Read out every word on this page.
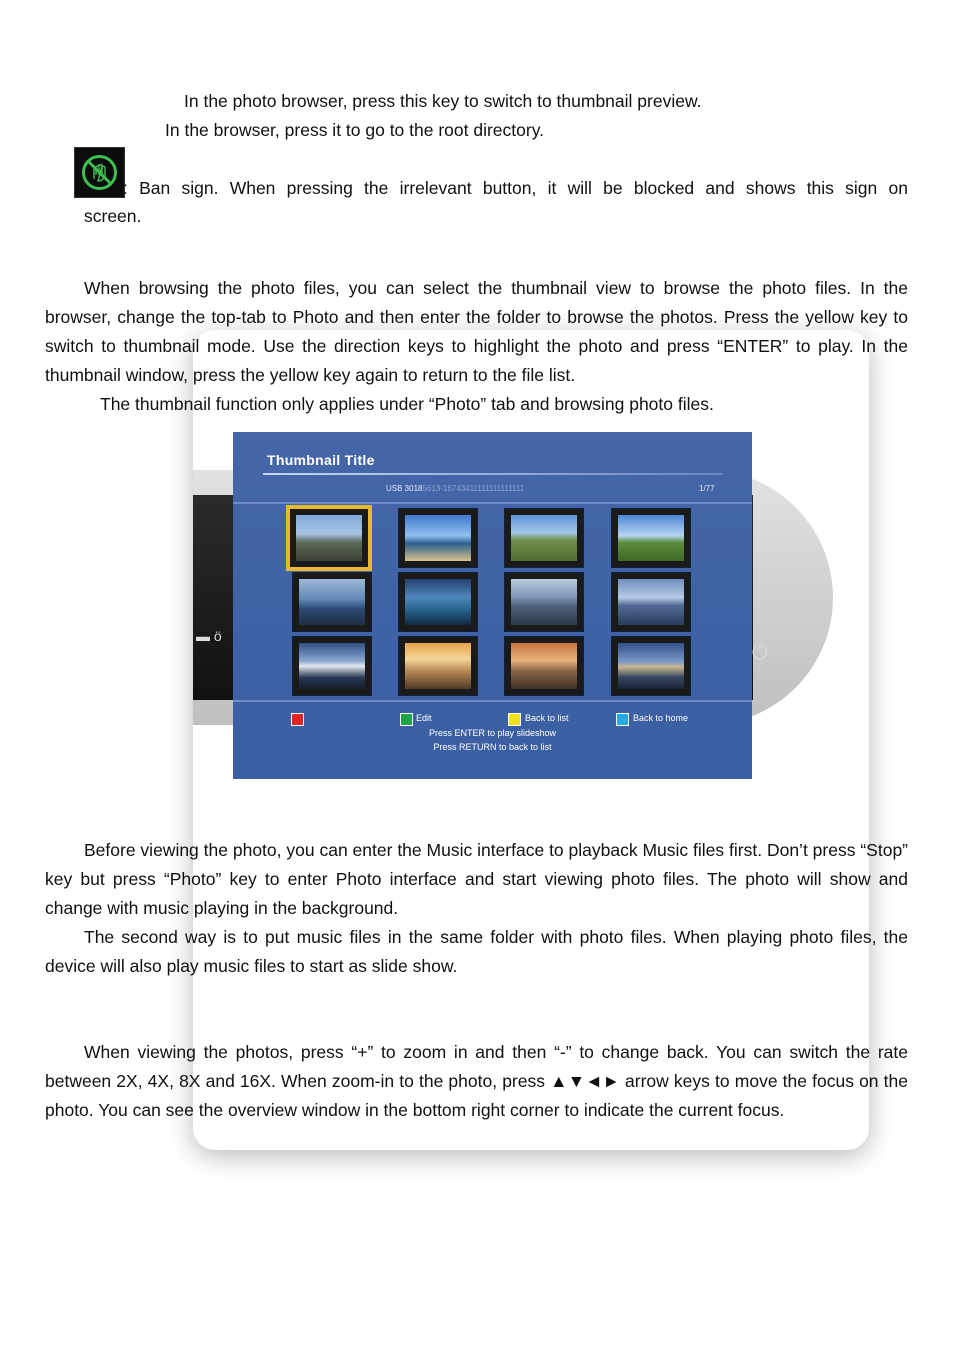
⏻
▬ ö

In the photo browser, press this key to switch to thumbnail preview.

In the browser, press it to go to the root directory.

: Ban sign. When pressing the irrelevant button, it will be blocked and shows this sign on

screen.

When browsing the photo files, you can select the thumbnail view to browse the photo files. In the browser, change the top-tab to Photo and then enter the folder to browse the photos. Press the yellow key to switch to thumbnail mode. Use the direction keys to highlight the photo and press “ENTER” to play. In the thumbnail window, press the yellow key again to return to the file list.

The thumbnail function only applies under “Photo” tab and browsing photo files.

Thumbnail Title
USB 30185613-16743411111111111111	1/77
Edit	Back to list	Back to home
Press ENTER to play slideshow
Press RETURN to back to list

Before viewing the photo, you can enter the Music interface to playback Music files first. Don’t press “Stop” key but press “Photo” key to enter Photo interface and start viewing photo files. The photo will show and change with music playing in the background.

The second way is to put music files in the same folder with photo files. When playing photo files, the device will also play music files to start as slide show.

When viewing the photos, press “+” to zoom in and then “-” to change back. You can switch the rate between 2X, 4X, 8X and 16X. When zoom-in to the photo, press ▲▼◄► arrow keys to move the focus on the photo. You can see the overview window in the bottom right corner to indicate the current focus.
